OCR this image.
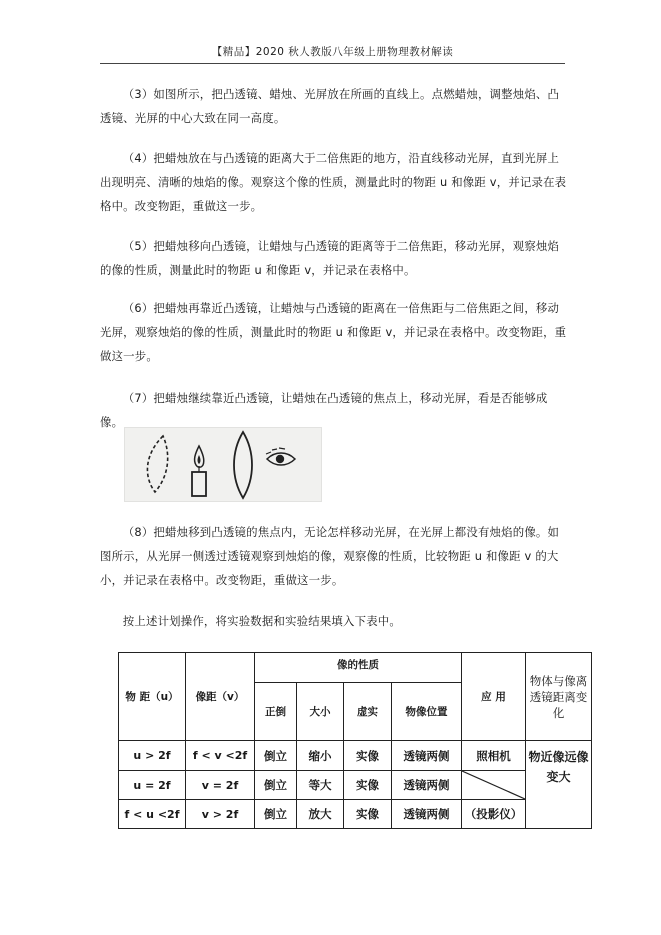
【精品】2020 秋人教版八年级上册物理教材解读

（3）如图所示，把凸透镜、蜡烛、光屏放在所画的直线上。点燃蜡烛，调整烛焰、凸透镜、光屏的中心大致在同一高度。

（4）把蜡烛放在与凸透镜的距离大于二倍焦距的地方，沿直线移动光屏，直到光屏上出现明亮、清晰的烛焰的像。观察这个像的性质，测量此时的物距 u 和像距 v，并记录在表格中。改变物距，重做这一步。

（5）把蜡烛移向凸透镜，让蜡烛与凸透镜的距离等于二倍焦距，移动光屏，观察烛焰的像的性质，测量此时的物距 u 和像距 v，并记录在表格中。

（6）把蜡烛再靠近凸透镜，让蜡烛与凸透镜的距离在一倍焦距与二倍焦距之间，移动光屏，观察烛焰的像的性质，测量此时的物距 u 和像距 v，并记录在表格中。改变物距，重做这一步。

（7）把蜡烛继续靠近凸透镜，让蜡烛在凸透镜的焦点上，移动光屏，看是否能够成像。

（8）把蜡烛移到凸透镜的焦点内，无论怎样移动光屏，在光屏上都没有烛焰的像。如图所示，从光屏一侧透过透镜观察到烛焰的像，观察像的性质，比较物距 u 和像距 v 的大小，并记录在表格中。改变物距，重做这一步。

按上述计划操作，将实验数据和实验结果填入下表中。

物 距（u）	像距（v）	像的性质				应 用	物体与像离透镜距离变 化
		正倒	大小	虚实	物像位置		
u > 2f	f < v <2f	倒立	缩小	实像	透镜两侧	照相机	物近像远像变大
u = 2f	v = 2f	倒立	等大	实像	透镜两侧	

f < u <2f	v > 2f	倒立	放大	实像	透镜两侧	（投影仪）	
